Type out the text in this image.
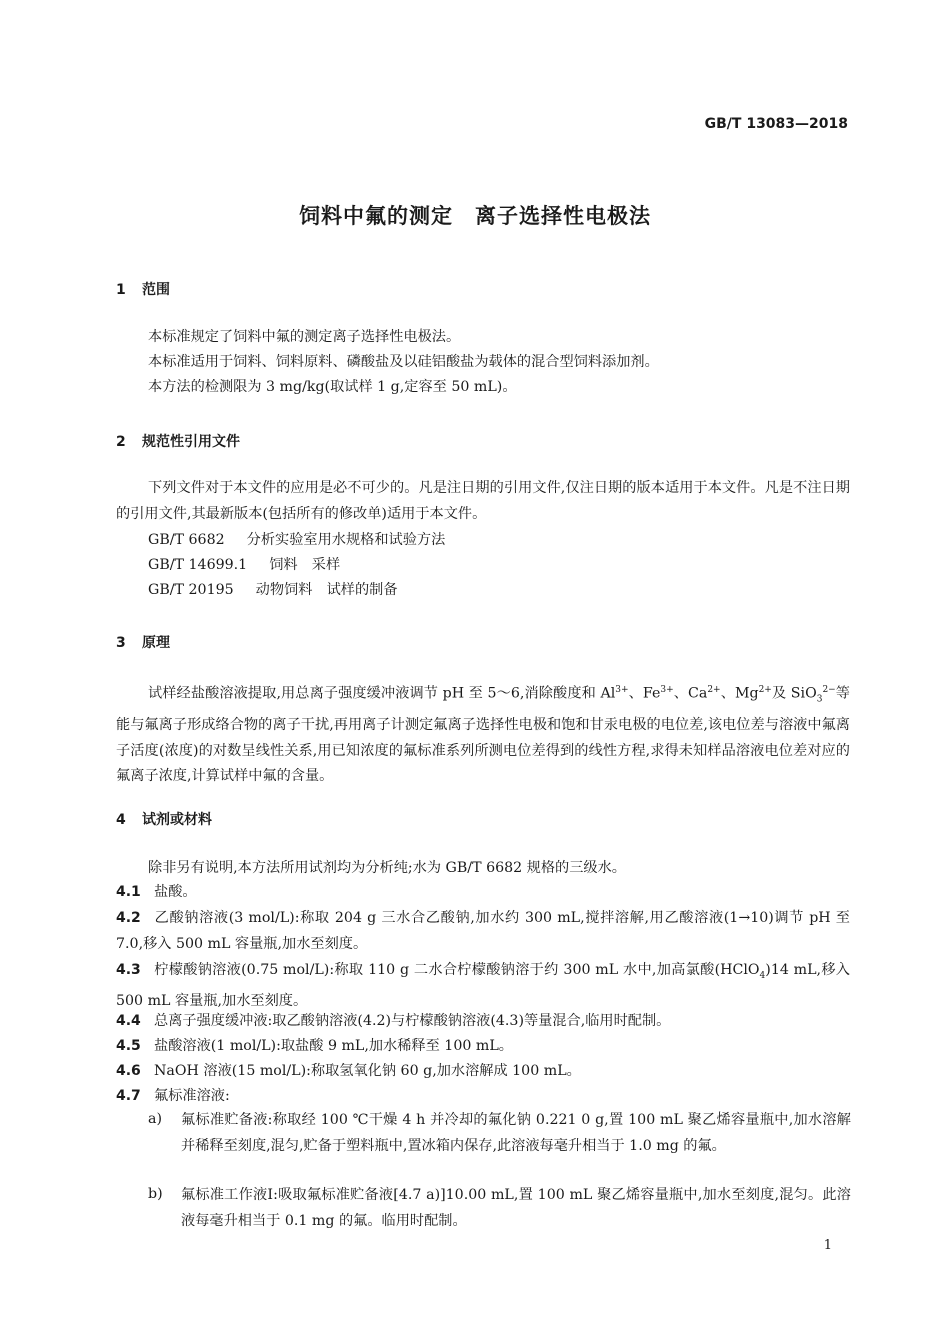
GB/T 13083—2018
饲料中氟的测定　离子选择性电极法
1 范围
本标准规定了饲料中氟的测定离子选择性电极法。
本标准适用于饲料、饲料原料、磷酸盐及以硅铝酸盐为载体的混合型饲料添加剂。
本方法的检测限为 3 mg/kg(取试样 1 g,定容至 50 mL)。
2 规范性引用文件
下列文件对于本文件的应用是必不可少的。凡是注日期的引用文件,仅注日期的版本适用于本文件。凡是不注日期的引用文件,其最新版本(包括所有的修改单)适用于本文件。
GB/T 6682 分析实验室用水规格和试验方法
GB/T 14699.1 饲料　采样
GB/T 20195 动物饲料　试样的制备
3 原理
试样经盐酸溶液提取,用总离子强度缓冲液调节 pH 至 5～6,消除酸度和 $Al^{3+}$、$Fe^{3+}$、$Ca^{2+}$、$Mg^{2+}$及 SiO$_3^{2-}$等能与氟离子形成络合物的离子干扰,再用离子计测定氟离子选择性电极和饱和甘汞电极的电位差,该电位差与溶液中氟离子活度(浓度)的对数呈线性关系,用已知浓度的氟标准系列所测电位差得到的线性方程,求得未知样品溶液电位差对应的氟离子浓度,计算试样中氟的含量。
4 试剂或材料
除非另有说明,本方法所用试剂均为分析纯;水为 GB/T 6682 规格的三级水。
4.1 盐酸。
4.2 乙酸钠溶液(3 mol/L):称取 204 g 三水合乙酸钠,加水约 300 mL,搅拌溶解,用乙酸溶液(1→10)调节 pH 至 7.0,移入 500 mL 容量瓶,加水至刻度。
4.3 柠檬酸钠溶液(0.75 mol/L):称取 110 g 二水合柠檬酸钠溶于约 300 mL 水中,加高氯酸(HClO$_4$)14 mL,移入 500 mL 容量瓶,加水至刻度。
4.4 总离子强度缓冲液:取乙酸钠溶液(4.2)与柠檬酸钠溶液(4.3)等量混合,临用时配制。
4.5 盐酸溶液(1 mol/L):取盐酸 9 mL,加水稀释至 100 mL。
4.6 NaOH 溶液(15 mol/L):称取氢氧化钠 60 g,加水溶解成 100 mL。
4.7 氟标准溶液:
a) 氟标准贮备液:称取经 100 ℃干燥 4 h 并冷却的氟化钠 0.221 0 g,置 100 mL 聚乙烯容量瓶中,加水溶解并稀释至刻度,混匀,贮备于塑料瓶中,置冰箱内保存,此溶液每毫升相当于 1.0 mg 的氟。
b) 氟标准工作液Ⅰ:吸取氟标准贮备液[4.7 a)]10.00 mL,置 100 mL 聚乙烯容量瓶中,加水至刻度,混匀。此溶液每毫升相当于 0.1 mg 的氟。临用时配制。
1
